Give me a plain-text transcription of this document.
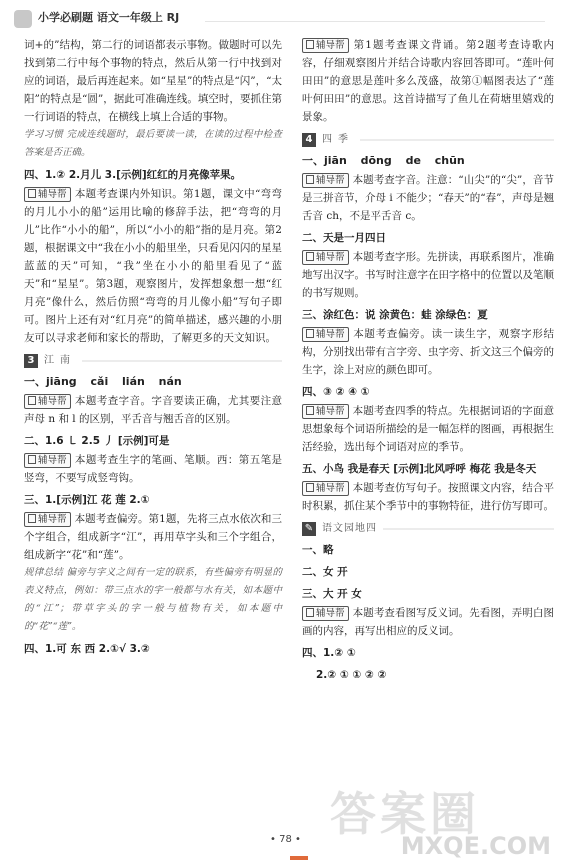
小学必刷题 语文一年级上 RJ

词+的”结构，第二行的词语都表示事物。做题时可以先找到第二行中每个事物的特点，然后从第一行中找到对应的词语，最后再连起来。如“星星”的特点是“闪”，“太阳”的特点是“圆”，据此可准确连线。填空时，要抓住第一行词语的特点，在横线上填上合适的事物。

学习习惯 完成连线题时，最后要读一读，在读的过程中检查答案是否正确。

四、1.② 2.月儿 3.[示例]红红的月亮像苹果。

辅导帮 本题考查课内外知识。第1题，课文中“弯弯的月儿小小的船”运用比喻的修辞手法，把“弯弯的月儿”比作“小小的船”，所以“小小的船”指的是月亮。第2题，根据课文中“我在小小的船里坐，只看见闪闪的星星蓝蓝的天”可知，“我”坐在小小的船里看见了“蓝天”和“星星”。第3题，观察图片，发挥想象想一想“红月亮”像什么，然后仿照“弯弯的月儿像小船”写句子即可。图片上还有对“红月亮”的简单描述，感兴趣的小朋友可以寻求老师和家长的帮助，了解更多的天文知识。

3 江南
一、jiāng cǎi lián nán

辅导帮 本题考查字音。字音要读正确，尤其要注意声母 n 和 l 的区别，平舌音与翘舌音的区别。

二、1.6 ㇄ 2.5 丿 [示例]可是

辅导帮 本题考查生字的笔画、笔顺。西：第五笔是竖弯，不要写成竖弯钩。

三、1.[示例]江 花 莲 2.①

辅导帮 本题考查偏旁。第1题，先将三点水依次和三个字组合，组成新字“江”，再用草字头和三个字组合，组成新字“花”和“莲”。

规律总结 偏旁与字义之间有一定的联系，有些偏旁有明显的表义特点，例如：带三点水的字一般都与水有关，如本题中的“江”；带草字头的字一般与植物有关，如本题中的“花”“莲”。

四、1.可 东 西 2.①√ 3.②

辅导帮 第1题考查课文背诵。第2题考查诗歌内容，仔细观察图片并结合诗歌内容回答即可。“莲叶何田田”的意思是莲叶多么茂盛，故第①幅图表达了“莲叶何田田”的意思。这首诗描写了鱼儿在荷塘里嬉戏的景象。

4 四季
一、jiān dōng de chūn

辅导帮 本题考查字音。注意：“山尖”的“尖”，音节是三拼音节，介母 i 不能少；“春天”的“春”，声母是翘舌音 ch，不是平舌音 c。

二、天是一月四日

辅导帮 本题考查字形。先拼读，再联系图片，准确地写出汉字。书写时注意字在田字格中的位置以及笔顺的书写规则。

三、涂红色：说 涂黄色：蛙 涂绿色：夏

辅导帮 本题考查偏旁。读一读生字，观察字形结构，分别找出带有言字旁、虫字旁、折文这三个偏旁的生字，涂上对应的颜色即可。

四、③ ② ④ ①

辅导帮 本题考查四季的特点。先根据词语的字面意思想象每个词语所描绘的是一幅怎样的图画，再根据生活经验，选出每个词语对应的季节。

五、小鸟 我是春天 [示例]北风呼呼 梅花 我是冬天

辅导帮 本题考查仿写句子。按照课文内容，结合平时积累，抓住某个季节中的事物特征，进行仿写即可。

✎ 语文园地四
一、略
二、女 开
三、大 开 女

辅导帮 本题考查看图写反义词。先看图，弄明白图画的内容，再写出相应的反义词。

四、1.② ①
2.② ① ① ② ②
答案圈
MXQE.COM
• 78 •
